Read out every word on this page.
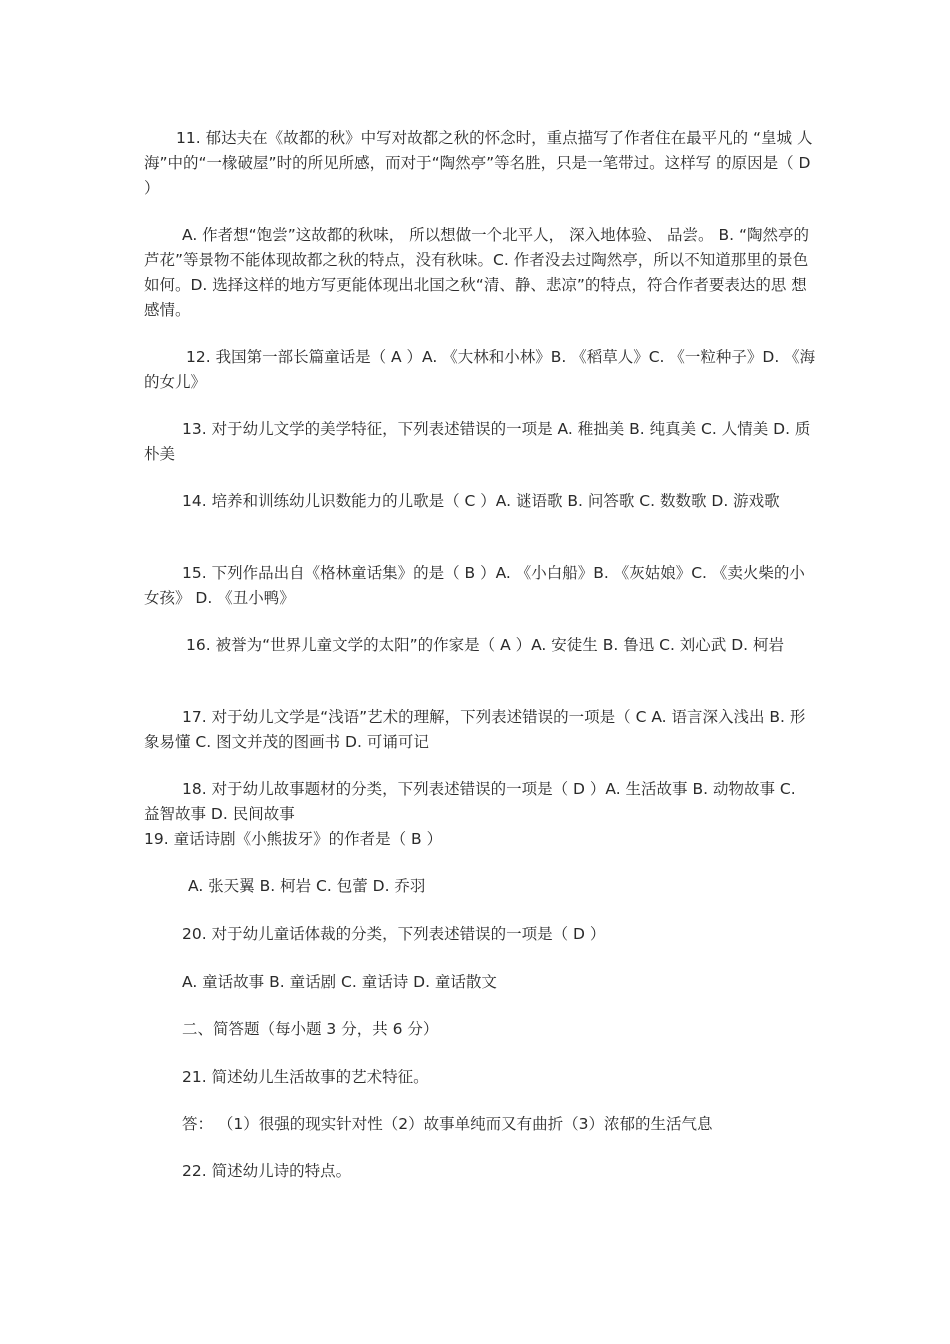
11. 郁达夫在《故都的秋》中写对故都之秋的怀念时，重点描写了作者住在最平凡的 “皇城 人海”中的“一椽破屋”时的所见所感，而对于“陶然亭”等名胜，只是一笔带过。这样写 的原因是（ D ）

A. 作者想“饱尝”这故都的秋味， 所以想做一个北平人， 深入地体验、 品尝。 B. “陶然亭的芦花”等景物不能体现故都之秋的特点，没有秋味。C. 作者没去过陶然亭，所以不知道那里的景色如何。D. 选择这样的地方写更能体现出北国之秋“清、静、悲凉”的特点，符合作者要表达的思 想感情。

12. 我国第一部长篇童话是（ A ）A. 《大林和小林》B. 《稻草人》C. 《一粒种子》D. 《海的女儿》

13. 对于幼儿文学的美学特征，下列表述错误的一项是 A. 稚拙美 B. 纯真美 C. 人情美 D. 质朴美

14. 培养和训练幼儿识数能力的儿歌是（ C ）A. 谜语歌 B. 问答歌 C. 数数歌 D. 游戏歌

15. 下列作品出自《格林童话集》的是（ B ）A. 《小白船》B. 《灰姑娘》C. 《卖火柴的小女孩》 D. 《丑小鸭》

16. 被誉为“世界儿童文学的太阳”的作家是（ A ）A. 安徒生 B. 鲁迅 C. 刘心武 D. 柯岩

17. 对于幼儿文学是“浅语”艺术的理解，下列表述错误的一项是（ C A. 语言深入浅出 B. 形象易懂 C. 图文并茂的图画书 D. 可诵可记

18. 对于幼儿故事题材的分类，下列表述错误的一项是（ D ）A. 生活故事 B. 动物故事 C. 益智故事 D. 民间故事

19. 童话诗剧《小熊拔牙》的作者是（ B ）

A. 张天翼 B. 柯岩 C. 包蕾 D. 乔羽

20. 对于幼儿童话体裁的分类，下列表述错误的一项是（ D ）

A. 童话故事 B. 童话剧 C. 童话诗 D. 童话散文

二、简答题（每小题 3 分，共 6 分）

21. 简述幼儿生活故事的艺术特征。

答： （1）很强的现实针对性（2）故事单纯而又有曲折（3）浓郁的生活气息

22. 简述幼儿诗的特点。
